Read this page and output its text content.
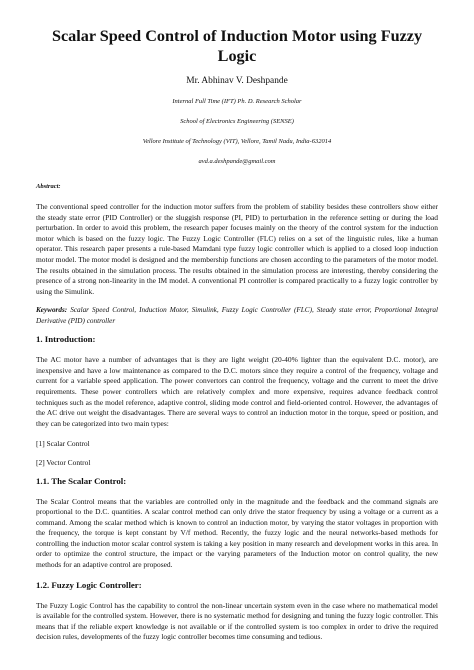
Scalar Speed Control of Induction Motor using Fuzzy Logic
Mr. Abhinav V. Deshpande
Internal Full Time (IFT) Ph. D. Research Scholar
School of Electronics Engineering (SENSE)
Vellore Institute of Technology (VIT), Vellore, Tamil Nadu, India-632014
avd.a.deshpande@gmail.com
Abstract:

The conventional speed controller for the induction motor suffers from the problem of stability besides these controllers show either the steady state error (PID Controller) or the sluggish response (PI, PID) to perturbation in the reference setting or during the load perturbation. In order to avoid this problem, the research paper focuses mainly on the theory of the control system for the induction motor which is based on the fuzzy logic. The Fuzzy Logic Controller (FLC) relies on a set of the linguistic rules, like a human operator. This research paper presents a rule-based Mamdani type fuzzy logic controller which is applied to a closed loop induction motor model. The motor model is designed and the membership functions are chosen according to the parameters of the motor model. The results obtained in the simulation process. The results obtained in the simulation process are interesting, thereby considering the presence of a strong non-linearity in the IM model. A conventional PI controller is compared practically to a fuzzy logic controller by using the Simulink.

Keywords: Scalar Speed Control, Induction Motor, Simulink, Fuzzy Logic Controller (FLC), Steady state error, Proportional Integral Derivative (PID) controller

1. Introduction:

The AC motor have a number of advantages that is they are light weight (20-40% lighter than the equivalent D.C. motor), are inexpensive and have a low maintenance as compared to the D.C. motors since they require a control of the frequency, voltage and current for a variable speed application. The power convertors can control the frequency, voltage and the current to meet the drive requirements. These power controllers which are relatively complex and more expensive, requires advance feedback control techniques such as the model reference, adaptive control, sliding mode control and field-oriented control. However, the advantages of the AC drive out weight the disadvantages. There are several ways to control an induction motor in the torque, speed or position, and they can be categorized into two main types:

[1] Scalar Control

[2] Vector Control

1.1. The Scalar Control:

The Scalar Control means that the variables are controlled only in the magnitude and the feedback and the command signals are proportional to the D.C. quantities. A scalar control method can only drive the stator frequency by using a voltage or a current as a command. Among the scalar method which is known to control an induction motor, by varying the stator voltages in proportion with the frequency, the torque is kept constant by V/f method. Recently, the fuzzy logic and the neural networks-based methods for controlling the induction motor scalar control system is taking a key position in many research and development works in this area. In order to optimize the control structure, the impact or the varying parameters of the Induction motor on control quality, the new methods for an adaptive control are proposed.

1.2. Fuzzy Logic Controller:

The Fuzzy Logic Control has the capability to control the non-linear uncertain system even in the case where no mathematical model is available for the controlled system. However, there is no systematic method for designing and tuning the fuzzy logic controller. This means that if the reliable expert knowledge is not available or if the controlled system is too complex in order to drive the required decision rules, developments of the fuzzy logic controller becomes time consuming and tedious.
